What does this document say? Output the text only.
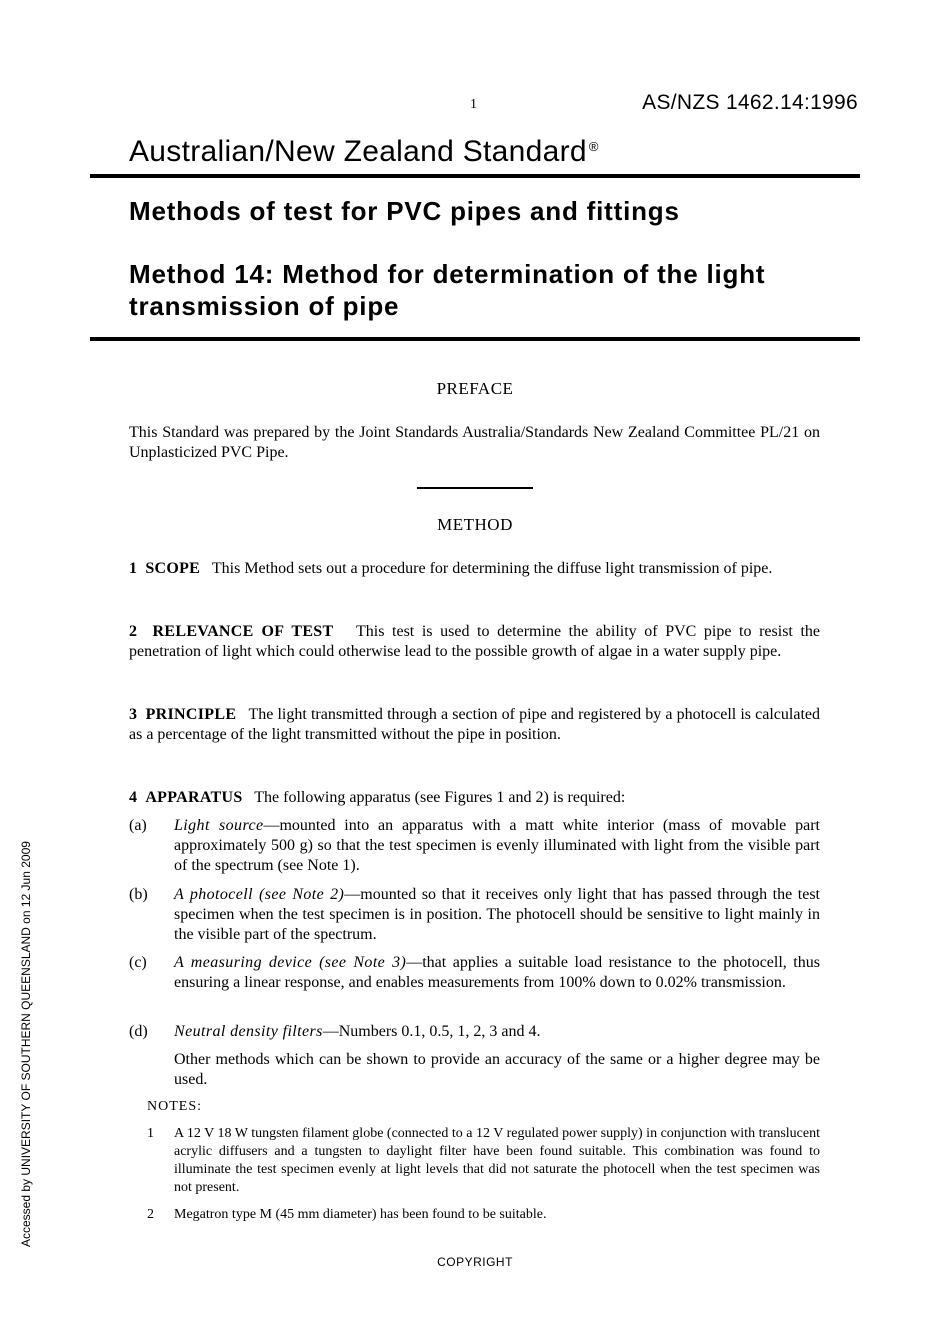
1	AS/NZS 1462.14:1996
Australian/New Zealand Standard ®
Methods of test for PVC pipes and fittings
Method 14: Method for determination of the light transmission of pipe
PREFACE
This Standard was prepared by the Joint Standards Australia/Standards New Zealand Committee PL/21 on Unplasticized PVC Pipe.
METHOD
1 SCOPE This Method sets out a procedure for determining the diffuse light transmission of pipe.
2 RELEVANCE OF TEST This test is used to determine the ability of PVC pipe to resist the penetration of light which could otherwise lead to the possible growth of algae in a water supply pipe.
3 PRINCIPLE The light transmitted through a section of pipe and registered by a photocell is calculated as a percentage of the light transmitted without the pipe in position.
4 APPARATUS The following apparatus (see Figures 1 and 2) is required:
(a) Light source—mounted into an apparatus with a matt white interior (mass of movable part approximately 500 g) so that the test specimen is evenly illuminated with light from the visible part of the spectrum (see Note 1).
(b) A photocell (see Note 2)—mounted so that it receives only light that has passed through the test specimen when the test specimen is in position. The photocell should be sensitive to light mainly in the visible part of the spectrum.
(c) A measuring device (see Note 3)—that applies a suitable load resistance to the photocell, thus ensuring a linear response, and enables measurements from 100% down to 0.02% transmission.
(d) Neutral density filters—Numbers 0.1, 0.5, 1, 2, 3 and 4.
Other methods which can be shown to provide an accuracy of the same or a higher degree may be used.
NOTES:
1 A 12 V 18 W tungsten filament globe (connected to a 12 V regulated power supply) in conjunction with translucent acrylic diffusers and a tungsten to daylight filter have been found suitable. This combination was found to illuminate the test specimen evenly at light levels that did not saturate the photocell when the test specimen was not present.
2 Megatron type M (45 mm diameter) has been found to be suitable.
COPYRIGHT
Accessed by UNIVERSITY OF SOUTHERN QUEENSLAND on 12 Jun 2009
